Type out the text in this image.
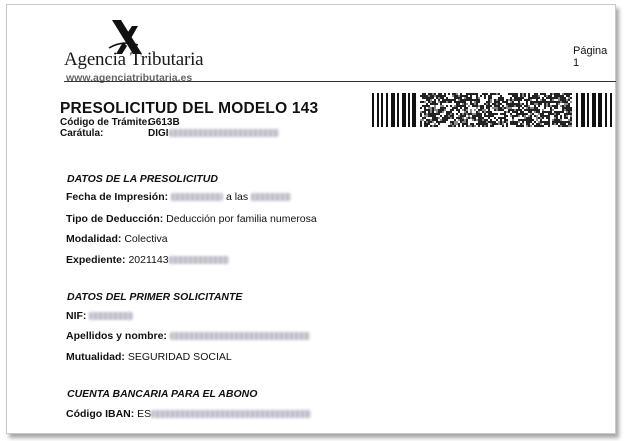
Agencia Tributaria
www.agenciatributaria.es
Página 1
PRESOLICITUD DEL MODELO 143
Código de Trámite:
G613B
Carátula:	DIGI
DATOS DE LA PRESOLICITUD
Fecha de Impresión:	a las
Tipo de Deducción: Deducción por familia numerosa
Modalidad: Colectiva
Expediente: 2021143
DATOS DEL PRIMER SOLICITANTE
NIF:
Apellidos y nombre:
Mutualidad: SEGURIDAD SOCIAL
CUENTA BANCARIA PARA EL ABONO
Código IBAN: ES
